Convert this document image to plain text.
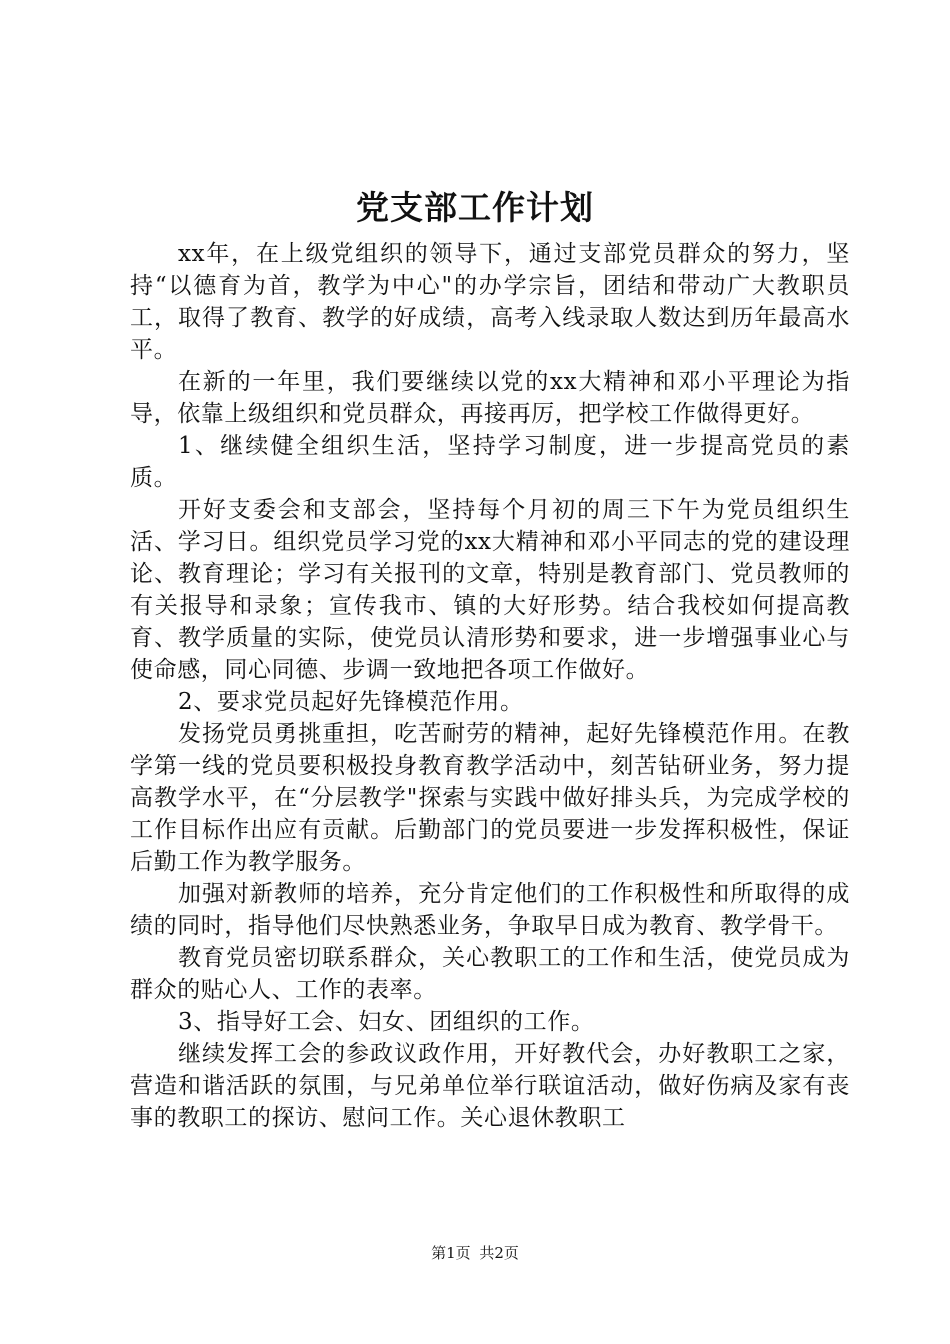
党支部工作计划

xx年，在上级党组织的领导下，通过支部党员群众的努力，坚持“以德育为首，教学为中心"的办学宗旨，团结和带动广大教职员工，取得了教育、教学的好成绩，高考入线录取人数达到历年最高水平。

在新的一年里，我们要继续以党的xx大精神和邓小平理论为指导，依靠上级组织和党员群众，再接再厉，把学校工作做得更好。

1、继续健全组织生活，坚持学习制度，进一步提高党员的素质。

开好支委会和支部会，坚持每个月初的周三下午为党员组织生活、学习日。组织党员学习党的xx大精神和邓小平同志的党的建设理论、教育理论；学习有关报刊的文章，特别是教育部门、党员教师的有关报导和录象；宣传我市、镇的大好形势。结合我校如何提高教育、教学质量的实际，使党员认清形势和要求，进一步增强事业心与使命感，同心同德、步调一致地把各项工作做好。

2、要求党员起好先锋模范作用。

发扬党员勇挑重担，吃苦耐劳的精神，起好先锋模范作用。在教学第一线的党员要积极投身教育教学活动中，刻苦钻研业务，努力提高教学水平，在“分层教学"探索与实践中做好排头兵，为完成学校的工作目标作出应有贡献。后勤部门的党员要进一步发挥积极性，保证后勤工作为教学服务。

加强对新教师的培养，充分肯定他们的工作积极性和所取得的成绩的同时，指导他们尽快熟悉业务，争取早日成为教育、教学骨干。

教育党员密切联系群众，关心教职工的工作和生活，使党员成为群众的贴心人、工作的表率。

3、指导好工会、妇女、团组织的工作。

继续发挥工会的参政议政作用，开好教代会，办好教职工之家，营造和谐活跃的氛围，与兄弟单位举行联谊活动，做好伤病及家有丧事的教职工的探访、慰问工作。关心退休教职工

第1页 共2页
